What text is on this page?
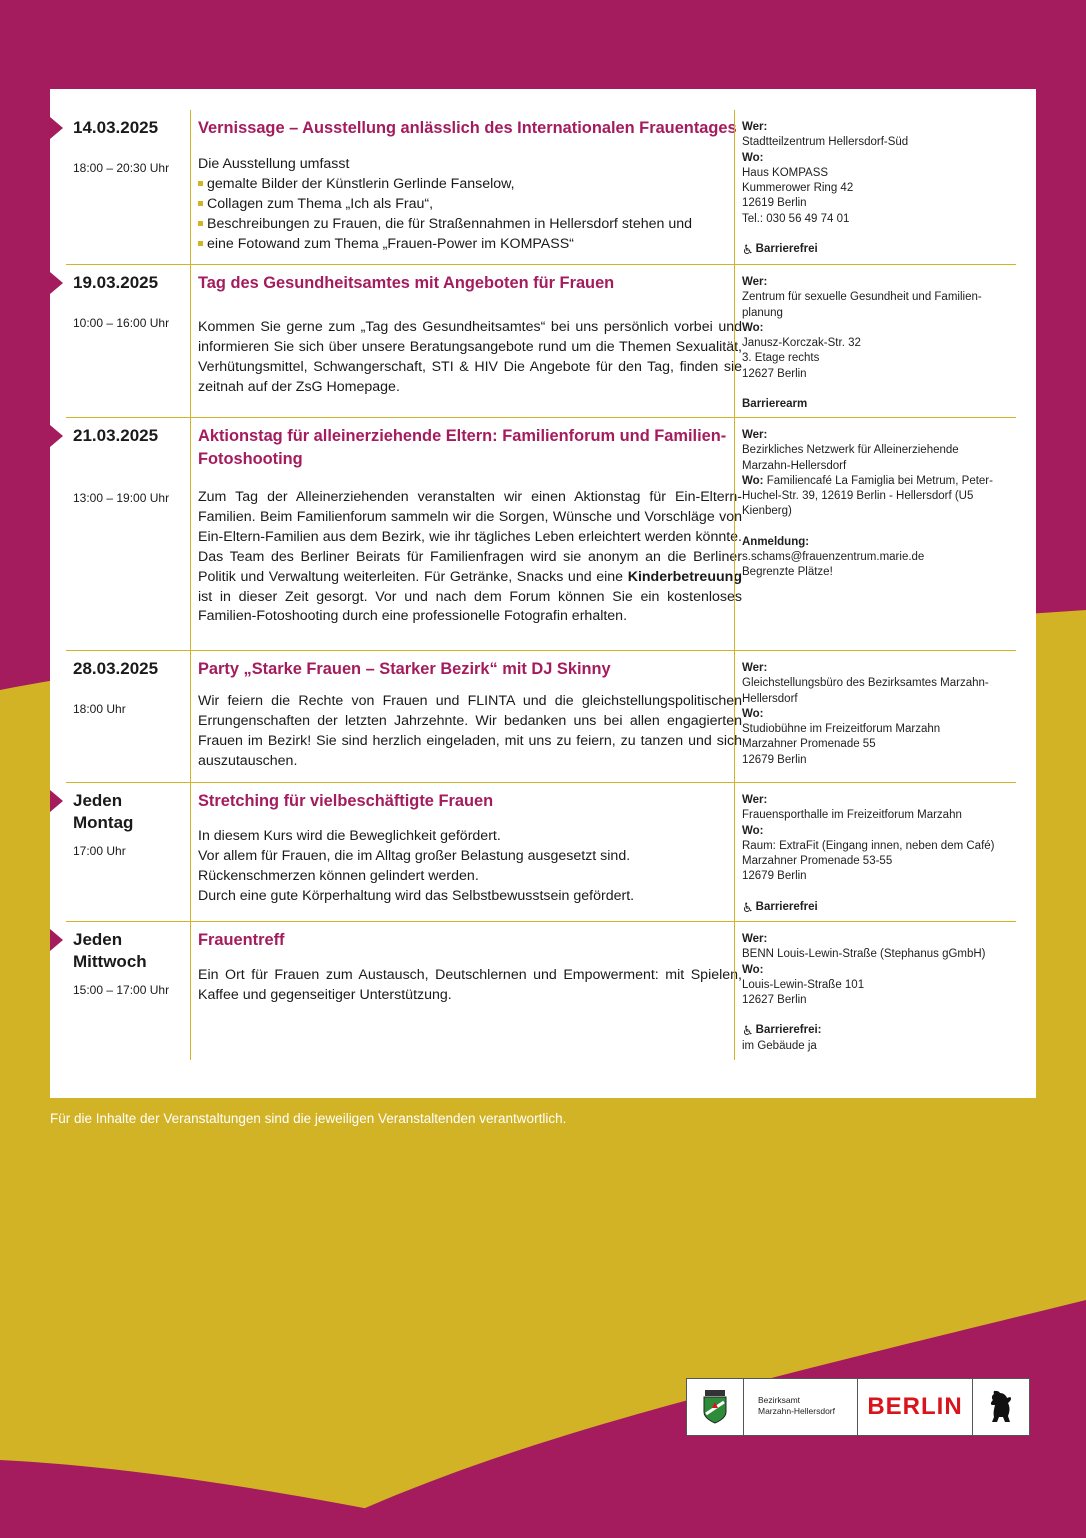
14.03.2025
18:00 – 20:30 Uhr
Vernissage – Ausstellung anlässlich des Internationalen Frauentages

Die Ausstellung umfasst

gemalte Bilder der Künstlerin Gerlinde Fanselow,

Collagen zum Thema „Ich als Frau“,

Beschreibungen zu Frauen, die für Straßennahmen in Hellersdorf stehen und

eine Fotowand zum Thema „Frauen-Power im KOMPASS“

Wer:
Stadtteilzentrum Hellersdorf-Süd
Wo:
Haus KOMPASS
Kummerower Ring 42
12619 Berlin
Tel.: 030 56 49 74 01
♿ Barrierefrei
19.03.2025
10:00 – 16:00 Uhr
Tag des Gesundheitsamtes mit Angeboten für Frauen
Kommen Sie gerne zum „Tag des Gesundheitsamtes“ bei uns persönlich vorbei und informieren Sie sich über unsere Beratungsangebote rund um die Themen Sexualität, Verhütungsmittel, Schwangerschaft, STI & HIV Die Angebote für den Tag, finden sie zeitnah auf der ZsG Homepage.
Wer:
Zentrum für sexuelle Gesundheit und Familien-
planung
Wo:
Janusz-Korczak-Str. 32
3. Etage rechts
12627 Berlin
Barrierearm
21.03.2025
13:00 – 19:00 Uhr
Aktionstag für alleinerziehende Eltern: Familienforum und Familien-Fotoshooting
Zum Tag der Alleinerziehenden veranstalten wir einen Aktionstag für Ein-Eltern-Familien. Beim Familienforum sammeln wir die Sorgen, Wünsche und Vorschläge von Ein-Eltern-Familien aus dem Bezirk, wie ihr tägliches Leben erleichtert werden könnte. Das Team des Berliner Beirats für Familienfragen wird sie anonym an die Berliner Politik und Verwaltung weiterleiten. Für Getränke, Snacks und eine Kinderbetreuung ist in dieser Zeit gesorgt. Vor und nach dem Forum können Sie ein kostenloses Familien-Fotoshooting durch eine professionelle Fotografin erhalten.
Wer:
Bezirkliches Netzwerk für Alleinerziehende
Marzahn-Hellersdorf
Wo: Familiencafé La Famiglia bei Metrum, Peter-Huchel-Str. 39, 12619 Berlin - Hellersdorf (U5 Kienberg)
Anmeldung:
s.schams@frauenzentrum.marie.de
Begrenzte Plätze!
28.03.2025
18:00 Uhr
Party „Starke Frauen – Starker Bezirk“ mit DJ Skinny
Wir feiern die Rechte von Frauen und FLINTA und die gleichstellungspolitischen Errungenschaften der letzten Jahrzehnte. Wir bedanken uns bei allen engagierten Frauen im Bezirk! Sie sind herzlich eingeladen, mit uns zu feiern, zu tanzen und sich auszutauschen.
Wer:
Gleichstellungsbüro des Bezirksamtes Marzahn-
Hellersdorf
Wo:
Studiobühne im Freizeitforum Marzahn
Marzahner Promenade 55
12679 Berlin
Jeden
Montag
17:00 Uhr
Stretching für vielbeschäftigte Frauen

In diesem Kurs wird die Beweglichkeit gefördert.

Vor allem für Frauen, die im Alltag großer Belastung ausgesetzt sind.

Rückenschmerzen können gelindert werden.

Durch eine gute Körperhaltung wird das Selbstbewusstsein gefördert.

Wer:
Frauensporthalle im Freizeitforum Marzahn
Wo:
Raum: ExtraFit (Eingang innen, neben dem Café)
Marzahner Promenade 53-55
12679 Berlin
♿ Barrierefrei
Jeden
Mittwoch
15:00 – 17:00 Uhr
Frauentreff
Ein Ort für Frauen zum Austausch, Deutschlernen und Empowerment: mit Spielen, Kaffee und gegenseitiger Unterstützung.
Wer:
BENN Louis-Lewin-Straße (Stephanus gGmbH)
Wo:
Louis-Lewin-Straße 101
12627 Berlin
♿ Barrierefrei:
im Gebäude ja
Für die Inhalte der Veranstaltungen sind die jeweiligen Veranstaltenden verantwortlich.
Bezirksamt
Marzahn-Hellersdorf	BERLIN
